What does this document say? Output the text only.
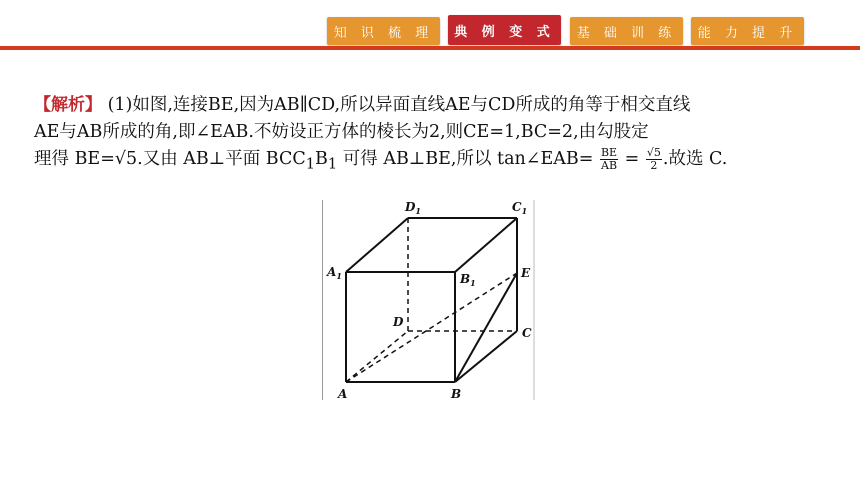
知 识 梳 理	典 例 变 式	基 础 训 练	能 力 提 升
【解析】 (1)如图,连接BE,因为AB∥CD,所以异面直线AE与CD所成的角等于相交直线
AE与AB所成的角,即∠EAB.不妨设正方体的棱长为2,则CE=1,BC=2,由勾股定
理得 BE=√5.又由 AB⊥平面 $BCC_1B_1$ 可得 AB⊥BE,所以 tan∠EAB= $\frac{BE}{AB} = \frac{√5}{2}$ .故选 C.
$D_1$	$C_1$
$A_1$	$B_1$
E
D
C
A	B
